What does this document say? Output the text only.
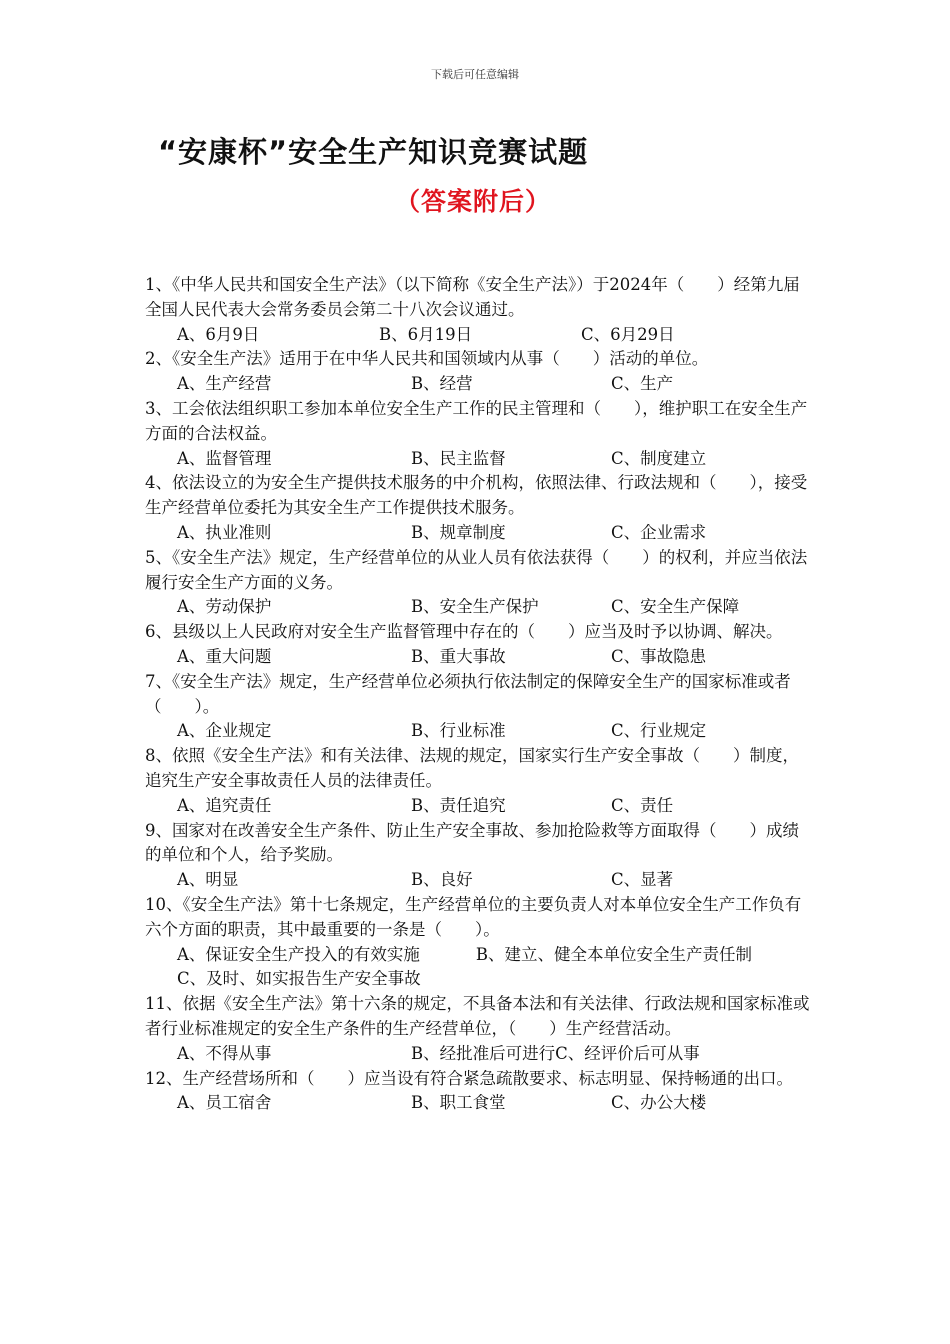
下载后可任意编辑
“安康杯”安全生产知识竞赛试题
（答案附后）

1、《中华人民共和国安全生产法》（以下简称《安全生产法》）于2024年（　　）经第九届全国人民代表大会常务委员会第二十八次会议通过。

A、6月9日	B、6月19日	C、6月29日

2、《安全生产法》适用于在中华人民共和国领域内从事（　　）活动的单位。

A、生产经营	B、经营	C、生产

3、工会依法组织职工参加本单位安全生产工作的民主管理和（　　），维护职工在安全生产方面的合法权益。

A、监督管理	B、民主监督	C、制度建立

4、依法设立的为安全生产提供技术服务的中介机构，依照法律、行政法规和（　　），接受生产经营单位委托为其安全生产工作提供技术服务。

A、执业准则	B、规章制度	C、企业需求

5、《安全生产法》规定，生产经营单位的从业人员有依法获得（　　）的权利，并应当依法履行安全生产方面的义务。

A、劳动保护	B、安全生产保护	C、安全生产保障

6、县级以上人民政府对安全生产监督管理中存在的（　　）应当及时予以协调、解决。

A、重大问题	B、重大事故	C、事故隐患

7、《安全生产法》规定，生产经营单位必须执行依法制定的保障安全生产的国家标准或者（　　）。

A、企业规定	B、行业标准	C、行业规定

8、依照《安全生产法》和有关法律、法规的规定，国家实行生产安全事故（　　）制度，追究生产安全事故责任人员的法律责任。

A、追究责任	B、责任追究	C、责任

9、国家对在改善安全生产条件、防止生产安全事故、参加抢险救等方面取得（　　）成绩的单位和个人，给予奖励。

A、明显	B、良好	C、显著

10、《安全生产法》第十七条规定，生产经营单位的主要负责人对本单位安全生产工作负有六个方面的职责，其中最重要的一条是（　　）。

A、保证安全生产投入的有效实施	B、建立、健全本单位安全生产责任制

C、及时、如实报告生产安全事故

11、依据《安全生产法》第十六条的规定，不具备本法和有关法律、行政法规和国家标准或者行业标准规定的安全生产条件的生产经营单位，（　　）生产经营活动。

A、不得从事	B、经批准后可进行 C、经评价后可从事

12、生产经营场所和（　　）应当设有符合紧急疏散要求、标志明显、保持畅通的出口。

A、员工宿舍	B、职工食堂	C、办公大楼
